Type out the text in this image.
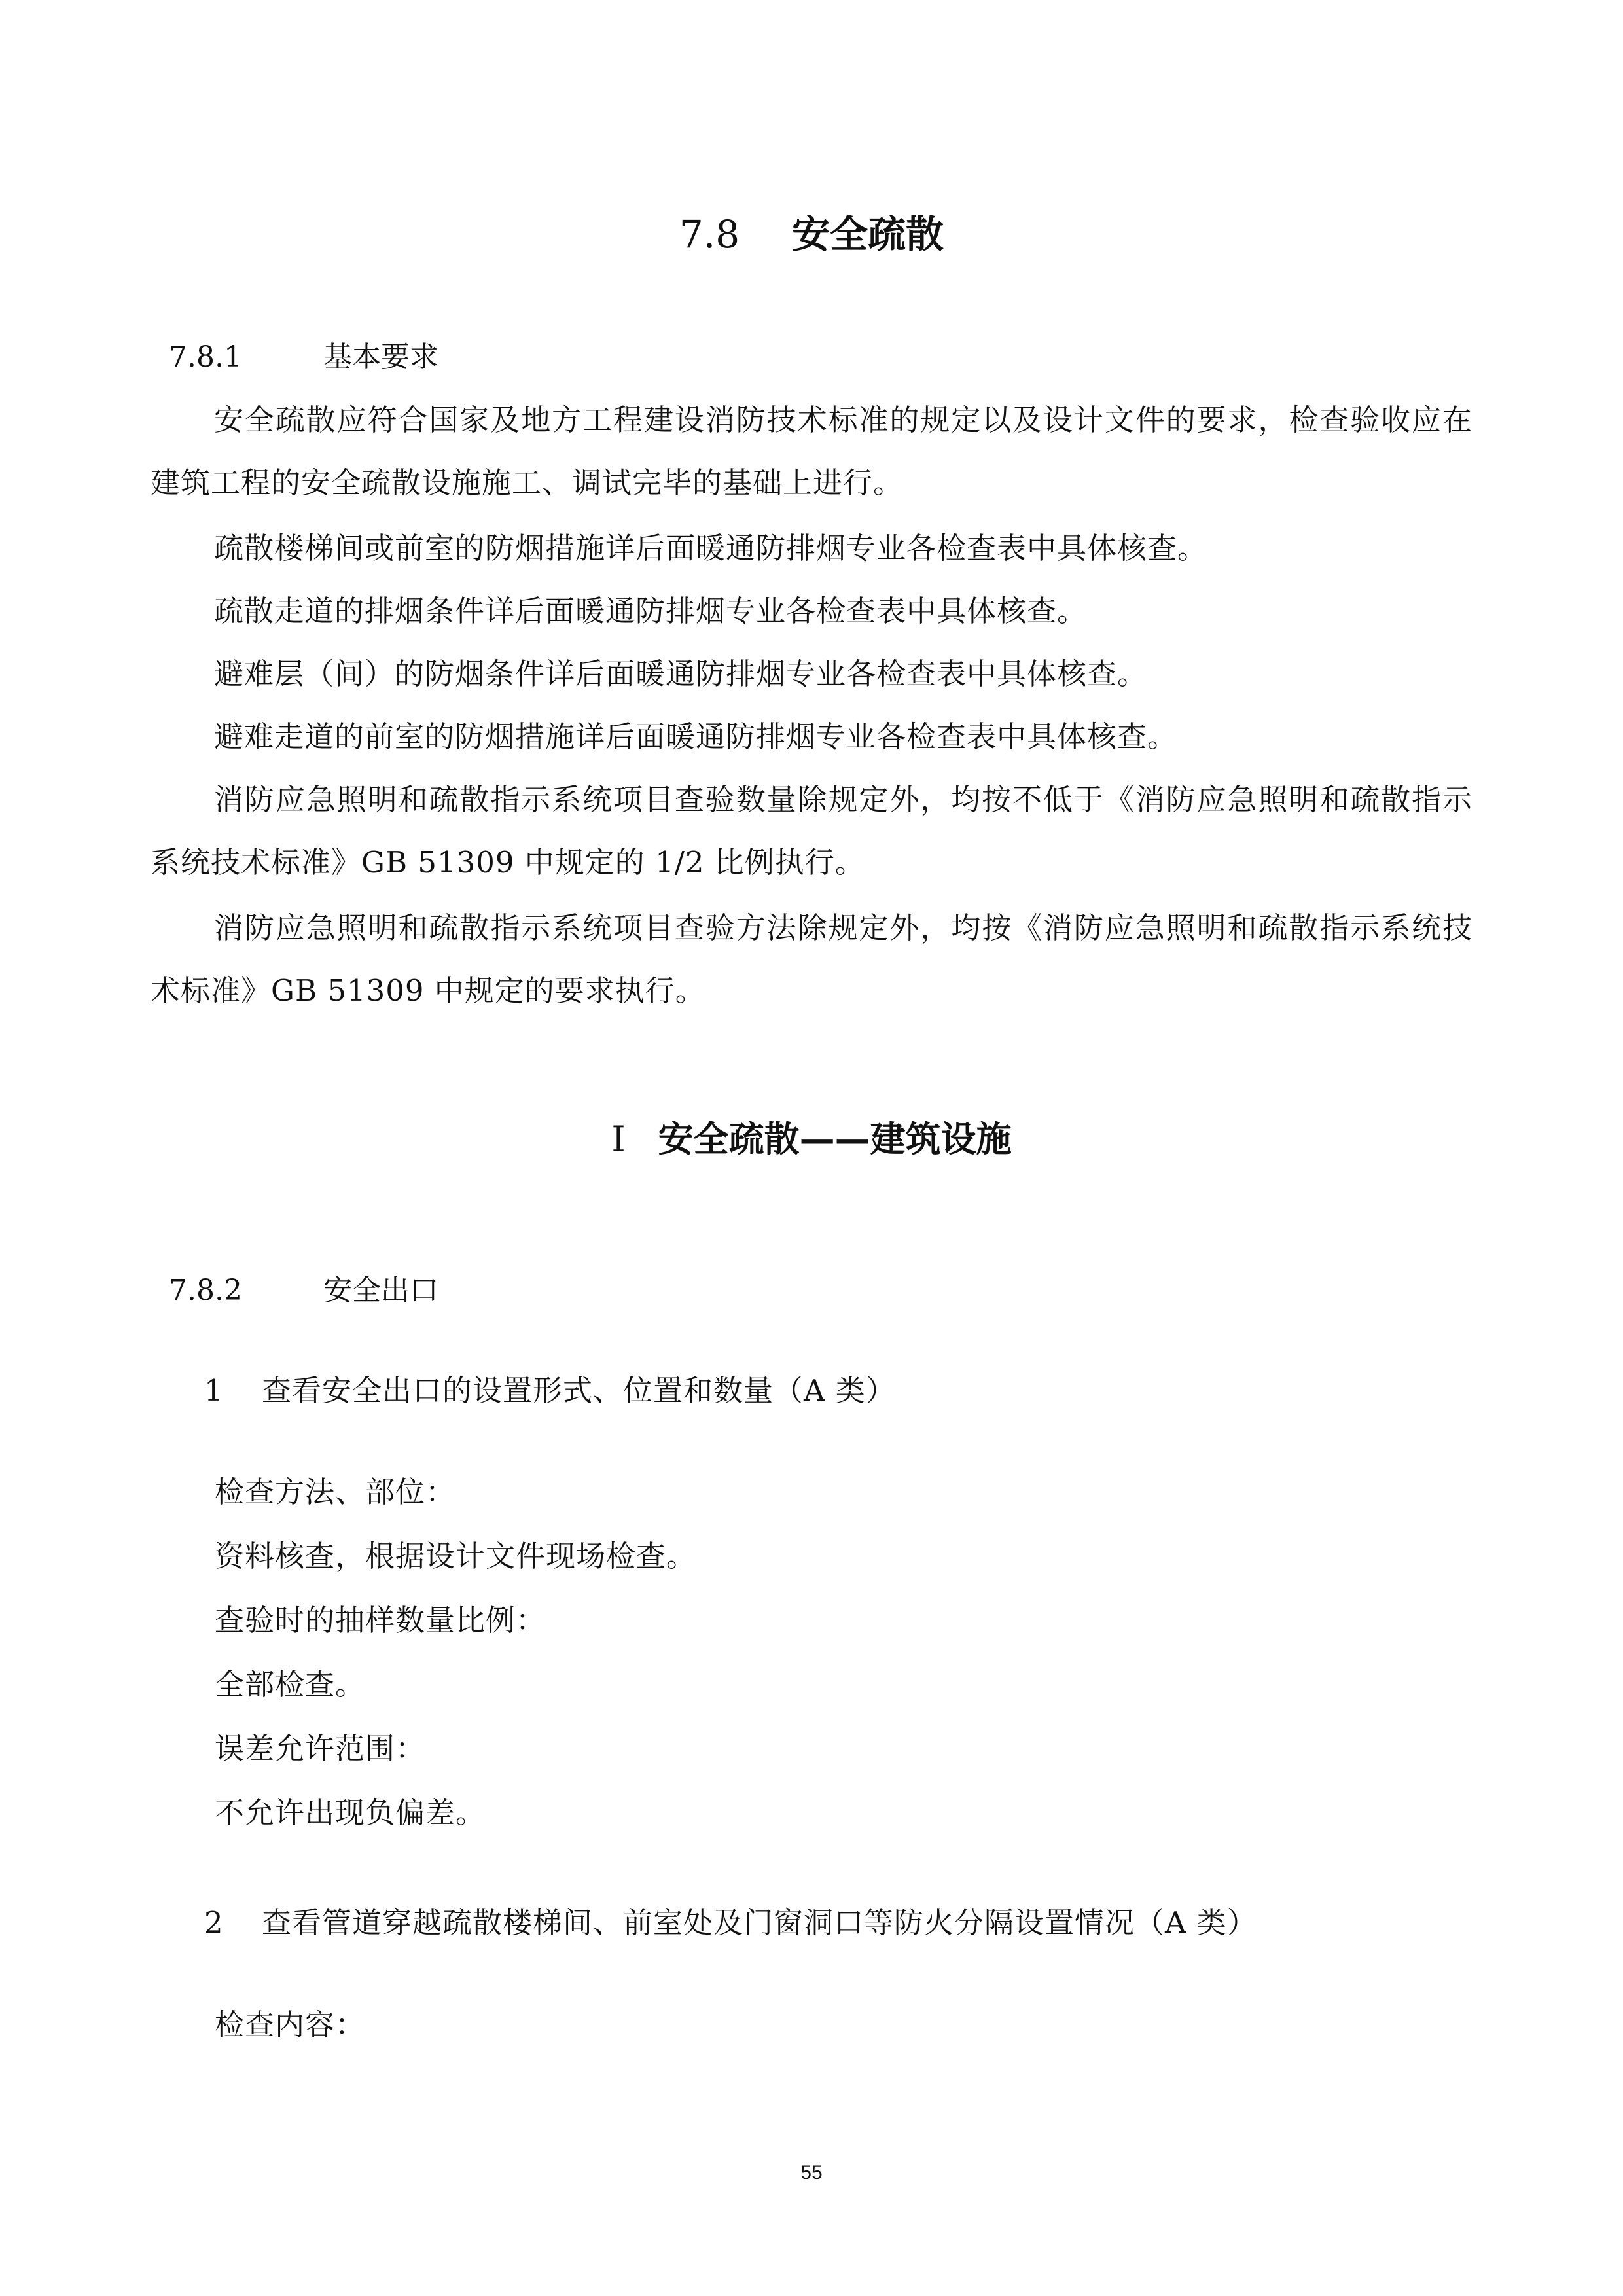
7.8 安全疏散
7.8.1	基本要求
安全疏散应符合国家及地方工程建设消防技术标准的规定以及设计文件的要求，检查验收应在建筑工程的安全疏散设施施工、调试完毕的基础上进行。
疏散楼梯间或前室的防烟措施详后面暖通防排烟专业各检查表中具体核查。
疏散走道的排烟条件详后面暖通防排烟专业各检查表中具体核查。
避难层（间）的防烟条件详后面暖通防排烟专业各检查表中具体核查。
避难走道的前室的防烟措施详后面暖通防排烟专业各检查表中具体核查。
消防应急照明和疏散指示系统项目查验数量除规定外，均按不低于《消防应急照明和疏散指示系统技术标准》GB 51309 中规定的 1/2 比例执行。
消防应急照明和疏散指示系统项目查验方法除规定外，均按《消防应急照明和疏散指示系统技术标准》GB 51309 中规定的要求执行。
I 安全疏散——建筑设施
7.8.2	安全出口
1 查看安全出口的设置形式、位置和数量（A 类）
检查方法、部位：
资料核查，根据设计文件现场检查。
查验时的抽样数量比例：
全部检查。
误差允许范围：
不允许出现负偏差。
2 查看管道穿越疏散楼梯间、前室处及门窗洞口等防火分隔设置情况（A 类）
检查内容：
55
